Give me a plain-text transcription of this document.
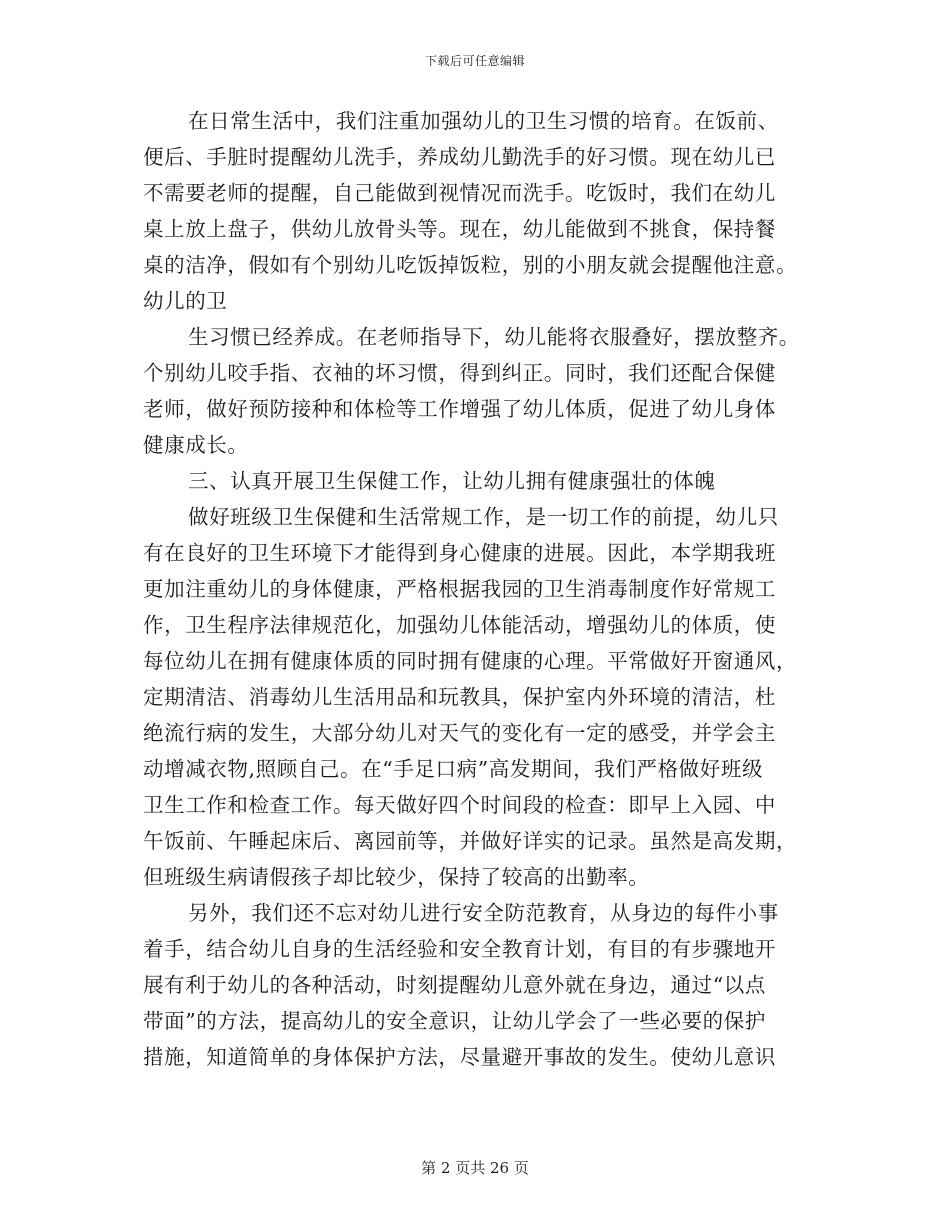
下载后可任意编辑
在日常生活中，我们注重加强幼儿的卫生习惯的培育。在饭前、
便后、手脏时提醒幼儿洗手，养成幼儿勤洗手的好习惯。现在幼儿已
不需要老师的提醒，自己能做到视情况而洗手。吃饭时，我们在幼儿
桌上放上盘子，供幼儿放骨头等。现在，幼儿能做到不挑食，保持餐
桌的洁净，假如有个别幼儿吃饭掉饭粒，别的小朋友就会提醒他注意。
幼儿的卫
生习惯已经养成。在老师指导下，幼儿能将衣服叠好，摆放整齐。
个别幼儿咬手指、衣袖的坏习惯，得到纠正。同时，我们还配合保健
老师，做好预防接种和体检等工作增强了幼儿体质，促进了幼儿身体
健康成长。
三、认真开展卫生保健工作，让幼儿拥有健康强壮的体魄
做好班级卫生保健和生活常规工作，是一切工作的前提，幼儿只
有在良好的卫生环境下才能得到身心健康的进展。因此，本学期我班
更加注重幼儿的身体健康，严格根据我园的卫生消毒制度作好常规工
作，卫生程序法律规范化，加强幼儿体能活动，增强幼儿的体质，使
每位幼儿在拥有健康体质的同时拥有健康的心理。平常做好开窗通风，
定期清洁、消毒幼儿生活用品和玩教具，保护室内外环境的清洁，杜
绝流行病的发生，大部分幼儿对天气的变化有一定的感受，并学会主
动增减衣物,照顾自己。在“手足口病”高发期间，我们严格做好班级
卫生工作和检查工作。每天做好四个时间段的检查：即早上入园、中
午饭前、午睡起床后、离园前等，并做好详实的记录。虽然是高发期，
但班级生病请假孩子却比较少，保持了较高的出勤率。
另外，我们还不忘对幼儿进行安全防范教育，从身边的每件小事
着手，结合幼儿自身的生活经验和安全教育计划，有目的有步骤地开
展有利于幼儿的各种活动，时刻提醒幼儿意外就在身边，通过“以点
带面”的方法，提高幼儿的安全意识，让幼儿学会了一些必要的保护
措施，知道简单的身体保护方法，尽量避开事故的发生。使幼儿意识
第 2 页共 26 页
